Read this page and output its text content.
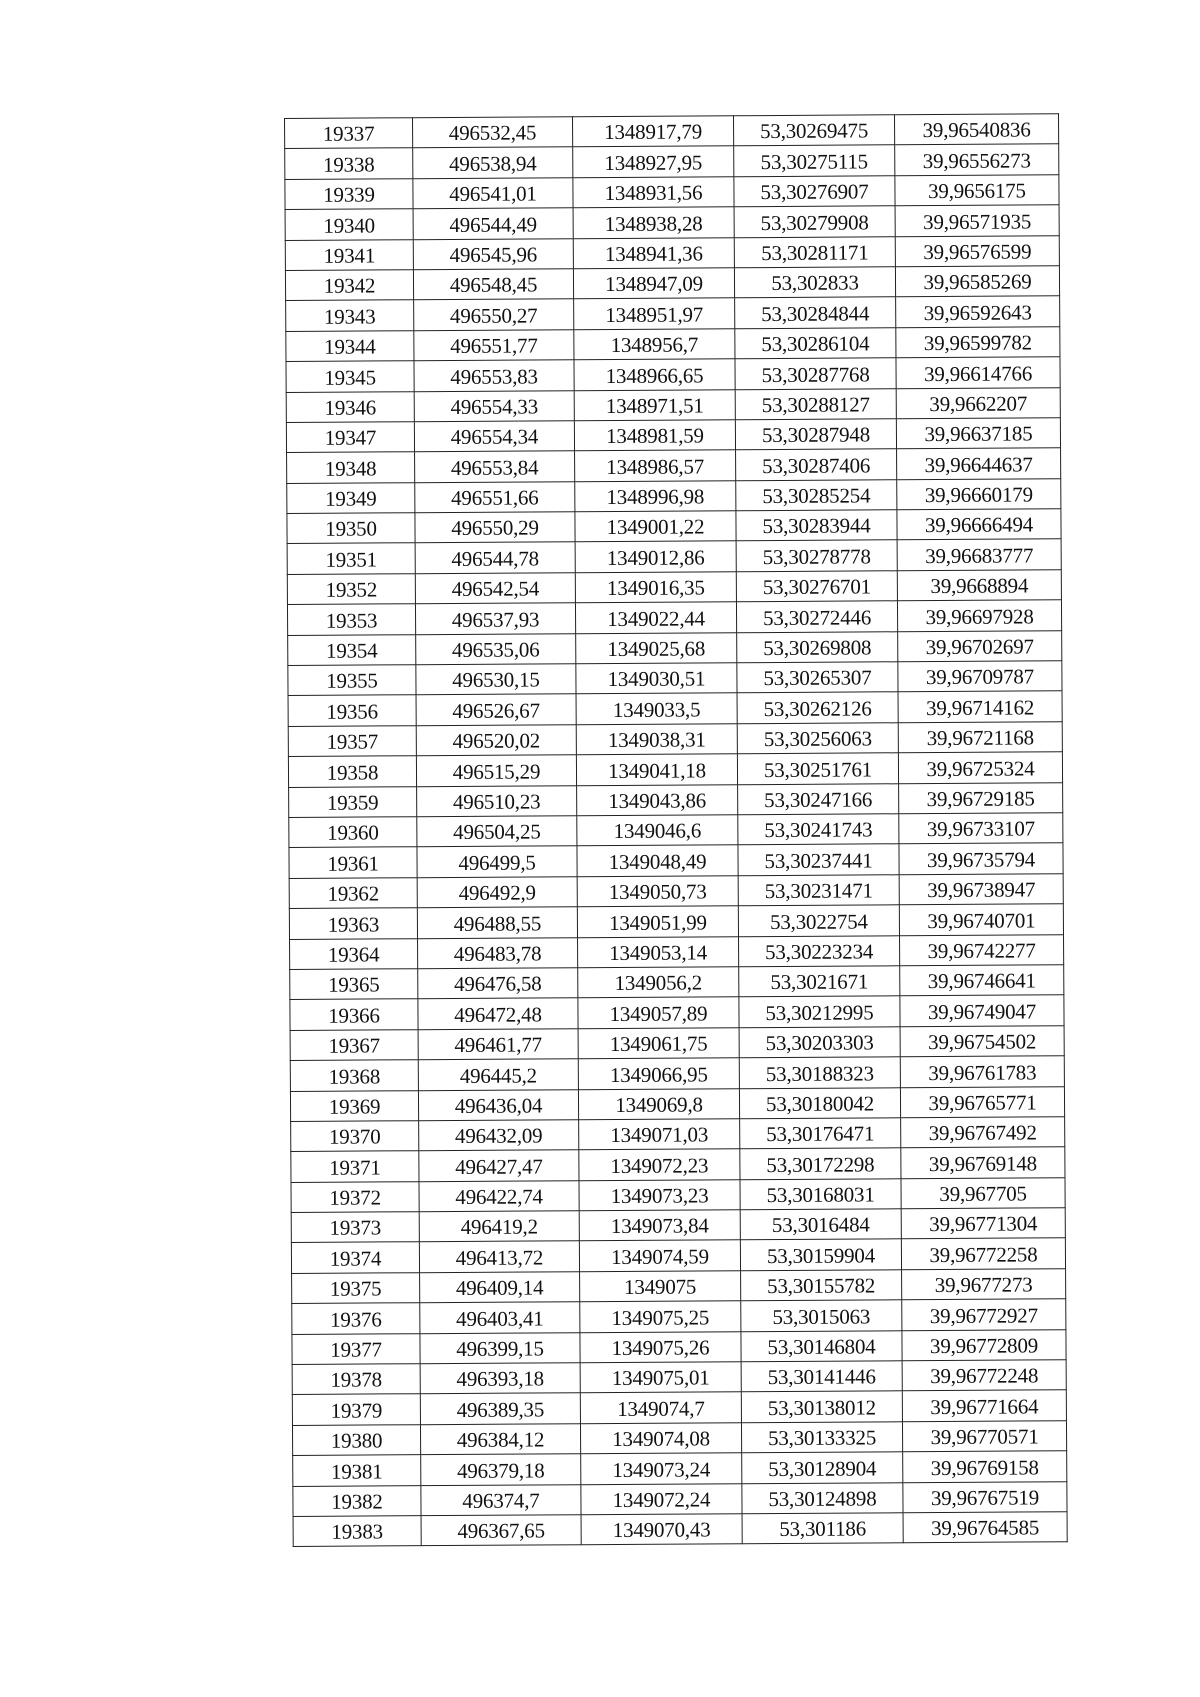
19337	496532,45	1348917,79	53,30269475	39,96540836
19338	496538,94	1348927,95	53,30275115	39,96556273
19339	496541,01	1348931,56	53,30276907	39,9656175
19340	496544,49	1348938,28	53,30279908	39,96571935
19341	496545,96	1348941,36	53,30281171	39,96576599
19342	496548,45	1348947,09	53,302833	39,96585269
19343	496550,27	1348951,97	53,30284844	39,96592643
19344	496551,77	1348956,7	53,30286104	39,96599782
19345	496553,83	1348966,65	53,30287768	39,96614766
19346	496554,33	1348971,51	53,30288127	39,9662207
19347	496554,34	1348981,59	53,30287948	39,96637185
19348	496553,84	1348986,57	53,30287406	39,96644637
19349	496551,66	1348996,98	53,30285254	39,96660179
19350	496550,29	1349001,22	53,30283944	39,96666494
19351	496544,78	1349012,86	53,30278778	39,96683777
19352	496542,54	1349016,35	53,30276701	39,9668894
19353	496537,93	1349022,44	53,30272446	39,96697928
19354	496535,06	1349025,68	53,30269808	39,96702697
19355	496530,15	1349030,51	53,30265307	39,96709787
19356	496526,67	1349033,5	53,30262126	39,96714162
19357	496520,02	1349038,31	53,30256063	39,96721168
19358	496515,29	1349041,18	53,30251761	39,96725324
19359	496510,23	1349043,86	53,30247166	39,96729185
19360	496504,25	1349046,6	53,30241743	39,96733107
19361	496499,5	1349048,49	53,30237441	39,96735794
19362	496492,9	1349050,73	53,30231471	39,96738947
19363	496488,55	1349051,99	53,3022754	39,96740701
19364	496483,78	1349053,14	53,30223234	39,96742277
19365	496476,58	1349056,2	53,3021671	39,96746641
19366	496472,48	1349057,89	53,30212995	39,96749047
19367	496461,77	1349061,75	53,30203303	39,96754502
19368	496445,2	1349066,95	53,30188323	39,96761783
19369	496436,04	1349069,8	53,30180042	39,96765771
19370	496432,09	1349071,03	53,30176471	39,96767492
19371	496427,47	1349072,23	53,30172298	39,96769148
19372	496422,74	1349073,23	53,30168031	39,967705
19373	496419,2	1349073,84	53,3016484	39,96771304
19374	496413,72	1349074,59	53,30159904	39,96772258
19375	496409,14	1349075	53,30155782	39,9677273
19376	496403,41	1349075,25	53,3015063	39,96772927
19377	496399,15	1349075,26	53,30146804	39,96772809
19378	496393,18	1349075,01	53,30141446	39,96772248
19379	496389,35	1349074,7	53,30138012	39,96771664
19380	496384,12	1349074,08	53,30133325	39,96770571
19381	496379,18	1349073,24	53,30128904	39,96769158
19382	496374,7	1349072,24	53,30124898	39,96767519
19383	496367,65	1349070,43	53,301186	39,96764585
